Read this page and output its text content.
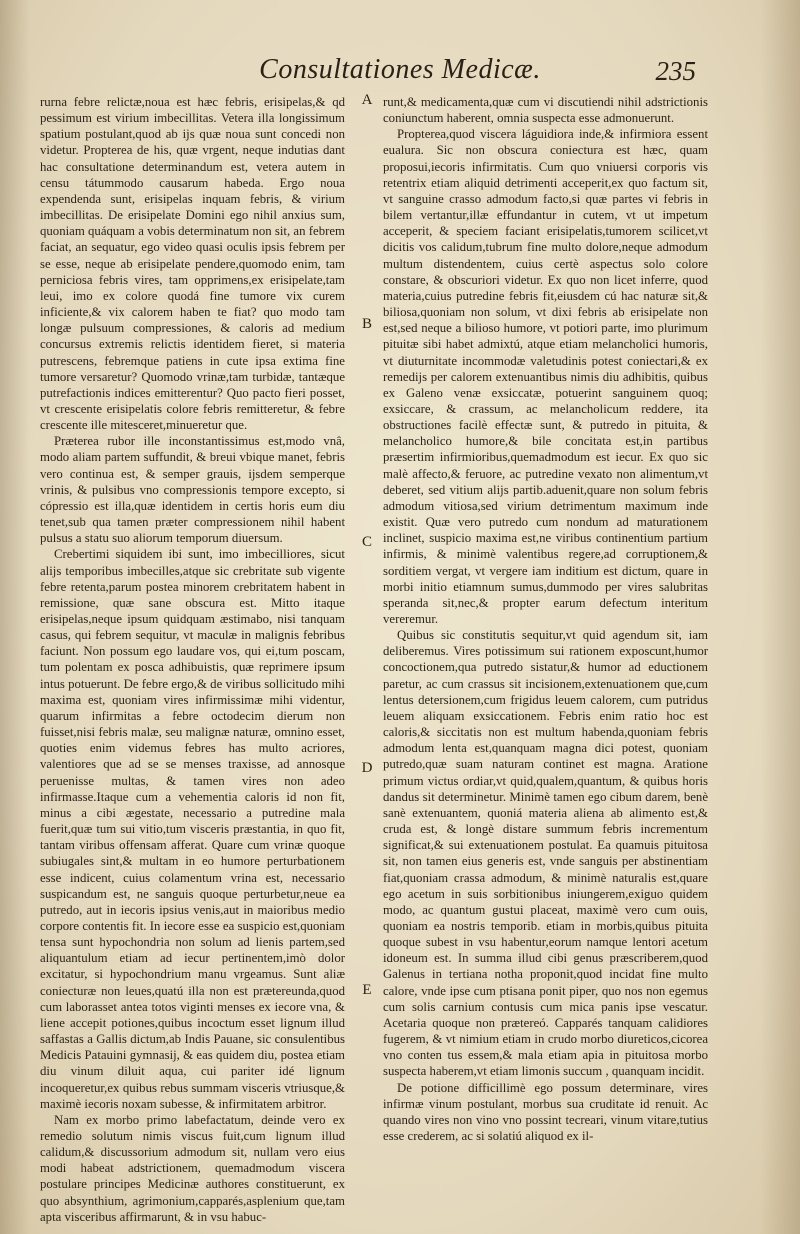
Consultationes Medicæ.	235

rurna febre relictæ,noua est hæc febris, erisipelas,& qd pessimum est virium imbecillitas. Vetera illa longissimum spatium postulant,quod ab ijs quæ noua sunt concedi non videtur. Propterea de his, quæ vrgent, neque indutias dant hac consultatione determinandum est, vetera autem in censu tátummodo causarum habeda. Ergo noua expendenda sunt, erisipelas inquam febris, & virium imbecillitas. De erisipelate Domini ego nihil anxius sum, quoniam quáquam a vobis determinatum non sit, an febrem faciat, an sequatur, ego video quasi oculis ipsis febrem per se esse, neque ab erisipelate pendere,quomodo enim, tam perniciosa febris vires, tam opprimens,ex erisipelate,tam leui, imo ex colore quodá fine tumore vix curem inficiente,& vix calorem haben te fiat? quo modo tam longæ pulsuum compressiones, & caloris ad medium concursus extremis relictis identidem fieret, si materia putrescens, febremque patiens in cute ipsa extima fine tumore versaretur? Quomodo vrinæ,tam turbidæ, tantæque putrefactionis indices emitterentur? Quo pacto fieri posset, vt crescente erisipelatis colore febris remitteretur, & febre crescente ille mitesceret,minueretur que.

Præterea rubor ille inconstantissimus est,modo vnâ, modo aliam partem suffundit, & breui vbique manet, febris vero continua est, & semper grauis, ijsdem semperque vrinis, & pulsibus vno compressionis tempore excepto, si cópressio est illa,quæ identidem in certis horis eum diu tenet,sub qua tamen præter compressionem nihil habent pulsus a statu suo aliorum temporum diuersum.

Crebertimi siquidem ibi sunt, imo imbecilliores, sicut alijs temporibus imbecilles,atque sic crebritate sub vigente febre retenta,parum postea minorem crebritatem habent in remissione, quæ sane obscura est. Mitto itaque erisipelas,neque ipsum quidquam æstimabo, nisi tanquam casus, qui febrem sequitur, vt maculæ in malignis febribus faciunt. Non possum ego laudare vos, qui ei,tum poscam, tum polentam ex posca adhibuistis, quæ reprimere ipsum intus potuerunt. De febre ergo,& de viribus sollicitudo mihi maxima est, quoniam vires infirmissimæ mihi videntur, quarum infirmitas a febre octodecim dierum non fuisset,nisi febris malæ, seu malignæ naturæ, omnino esset, quoties enim videmus febres has multo acriores, valentiores que ad se se menses traxisse, ad annosque peruenisse multas, & tamen vires non adeo infirmasse.Itaque cum a vehementia caloris id non fit, minus a cibi ægestate, necessario a putredine mala fuerit,quæ tum sui vitio,tum visceris præstantia, in quo fit, tantam viribus offensam afferat. Quare cum vrinæ quoque subiugales sint,& multam in eo humore perturbationem esse indicent, cuius colamentum vrina est, necessario suspicandum est, ne sanguis quoque perturbetur,neue ea putredo, aut in iecoris ipsius venis,aut in maioribus medio corpore contentis fit. In iecore esse ea suspicio est,quoniam tensa sunt hypochondria non solum ad lienis partem,sed aliquantulum etiam ad iecur pertinentem,imò dolor excitatur, si hypochondrium manu vrgeamus. Sunt aliæ coniecturæ non leues,quatú illa non est prætereunda,quod cum laborasset antea totos viginti menses ex iecore vna, & liene accepit potiones,quibus incoctum esset lignum illud saffastas a Gallis dictum,ab Indis Pauane, sic consulentibus Medicis Patauini gymnasij, & eas quidem diu, postea etiam diu vinum diluit aqua, cui pariter idé lignum incoqueretur,ex quibus rebus summam visceris vtriusque,& maximè iecoris noxam subesse, & infirmitatem arbitror.

Nam ex morbo primo labefactatum, deinde vero ex remedio solutum nimis viscus fuit,cum lignum illud calidum,& discussorium admodum sit, nullam vero eius modi habeat adstrictionem, quemadmodum viscera postulare principes Medicinæ authores constituerunt, ex quo absynthium, agrimonium,capparés,asplenium que,tam apta visceribus affirmarunt, & in vsu habuc-

A
B
C
D
E

runt,& medicamenta,quæ cum vi discutiendi nihil adstrictionis coniunctum haberent, omnia suspecta esse admonuerunt.

Propterea,quod viscera láguidiora inde,& infirmiora essent eualura. Sic non obscura coniectura est hæc, quam proposui,iecoris infirmitatis. Cum quo vniuersi corporis vis retentrix etiam aliquid detrimenti acceperit,ex quo factum sit, vt sanguine crasso admodum facto,si quæ partes vi febris in bilem vertantur,illæ effundantur in cutem, vt ut impetum acceperit, & speciem faciant erisipelatis,tumorem scilicet,vt dicitis vos calidum,tubrum fine multo dolore,neque admodum multum distendentem, cuius certè aspectus solo colore constare, & obscuriori videtur. Ex quo non licet inferre, quod materia,cuius putredine febris fit,eiusdem cú hac naturæ sit,& biliosa,quoniam non solum, vt dixi febris ab erisipelate non est,sed neque a bilioso humore, vt potiori parte, imo plurimum pituitæ sibi habet admixtú, atque etiam melancholici humoris, vt diuturnitate incommodæ valetudinis potest coniectari,& ex remedijs per calorem extenuantibus nimis diu adhibitis, quibus ex Galeno venæ exsiccatæ, potuerint sanguinem quoq; exsiccare, & crassum, ac melancholicum reddere, ita obstructiones facilè effectæ sunt, & putredo in pituita, & melancholico humore,& bile concitata est,in partibus præsertim infirmioribus,quemadmodum est iecur. Ex quo sic malè affecto,& feruore, ac putredine vexato non alimentum,vt deberet, sed vitium alijs partib.aduenit,quare non solum febris admodum vitiosa,sed virium detrimentum maximum inde existit. Quæ vero putredo cum nondum ad maturationem inclinet, suspicio maxima est,ne viribus continentium partium infirmis, & minimè valentibus regere,ad corruptionem,& sorditiem vergat, vt vergere iam inditium est dictum, quare in morbi initio etiamnum sumus,dummodo per vires salubritas speranda sit,nec,& propter earum defectum interitum vereremur.

Quibus sic constitutis sequitur,vt quid agendum sit, iam deliberemus. Vires potissimum sui rationem exposcunt,humor concoctionem,qua putredo sistatur,& humor ad eductionem paretur, ac cum crassus sit incisionem,extenuationem que,cum lentus detersionem,cum frigidus leuem calorem, cum putridus leuem aliquam exsiccationem. Febris enim ratio hoc est caloris,& siccitatis non est multum habenda,quoniam febris admodum lenta est,quanquam magna dici potest, quoniam putredo,quæ suam naturam continet est magna. Aratione primum victus ordiar,vt quid,qualem,quantum, & quibus horis dandus sit determinetur. Minimè tamen ego cibum darem, benè sanè extenuantem, quoniá materia aliena ab alimento est,& cruda est, & longè distare summum febris incrementum significat,& sui extenuationem postulat. Ea quamuis pituitosa sit, non tamen eius generis est, vnde sanguis per abstinentiam fiat,quoniam crassa admodum, & minimè naturalis est,quare ego acetum in suis sorbitionibus iniungerem,exiguo quidem modo, ac quantum gustui placeat, maximè vero cum ouis, quoniam ea nostris temporib. etiam in morbis,quibus pituita quoque subest in vsu habentur,eorum namque lentori acetum idoneum est. In summa illud cibi genus præscriberem,quod Galenus in tertiana notha proponit,quod incidat fine multo calore, vnde ipse cum ptisana ponit piper, quo nos non egemus cum solis carnium contusis cum mica panis ipse vescatur. Acetaria quoque non prætereó. Capparés tanquam calidiores fugerem, & vt nimium etiam in crudo morbo diureticos,cicorea vno conten tus essem,& mala etiam apia in pituitosa morbo suspecta haberem,vt etiam limonis succum , quanquam incidit.

De potione difficillimè ego possum determinare, vires infirmæ vinum postulant, morbus sua cruditate id renuit. Ac quando vires non vino vno possint tecreari, vinum vitare,tutius esse crederem, ac si solatiú aliquod ex il-
